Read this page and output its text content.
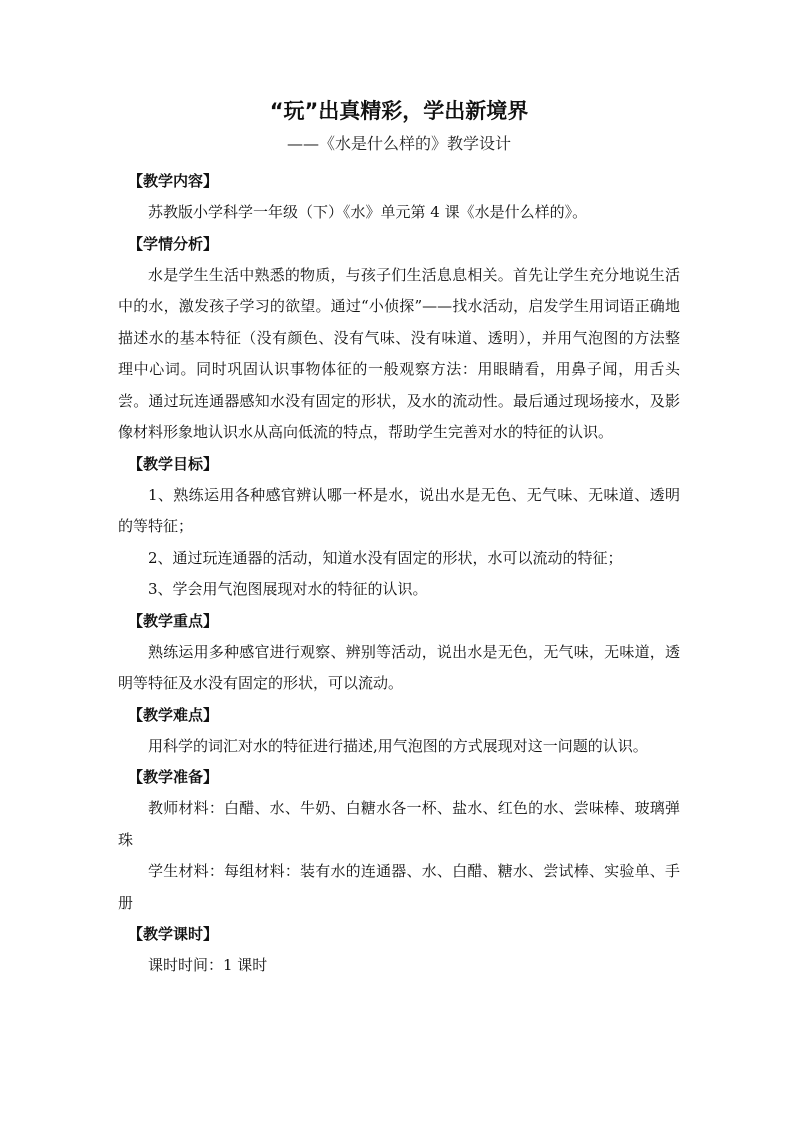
“玩”出真精彩，学出新境界

——《水是什么样的》教学设计

【教学内容】

苏教版小学科学一年级（下）《水》单元第 4 课《水是什么样的》。

【学情分析】

水是学生生活中熟悉的物质，与孩子们生活息息相关。首先让学生充分地说生活中的水，激发孩子学习的欲望。通过“小侦探”——找水活动，启发学生用词语正确地描述水的基本特征（没有颜色、没有气味、没有味道、透明），并用气泡图的方法整理中心词。同时巩固认识事物体征的一般观察方法：用眼睛看，用鼻子闻，用舌头尝。通过玩连通器感知水没有固定的形状，及水的流动性。最后通过现场接水，及影像材料形象地认识水从高向低流的特点，帮助学生完善对水的特征的认识。

【教学目标】

1、熟练运用各种感官辨认哪一杯是水，说出水是无色、无气味、无味道、透明的等特征；

2、通过玩连通器的活动，知道水没有固定的形状，水可以流动的特征；

3、学会用气泡图展现对水的特征的认识。

【教学重点】

熟练运用多种感官进行观察、辨别等活动，说出水是无色，无气味，无味道，透明等特征及水没有固定的形状，可以流动。

【教学难点】

用科学的词汇对水的特征进行描述,用气泡图的方式展现对这一问题的认识。

【教学准备】

教师材料：白醋、水、牛奶、白糖水各一杯、盐水、红色的水、尝味棒、玻璃弹珠

学生材料：每组材料：装有水的连通器、水、白醋、糖水、尝试棒、实验单、手册

【教学课时】

课时时间：1 课时
